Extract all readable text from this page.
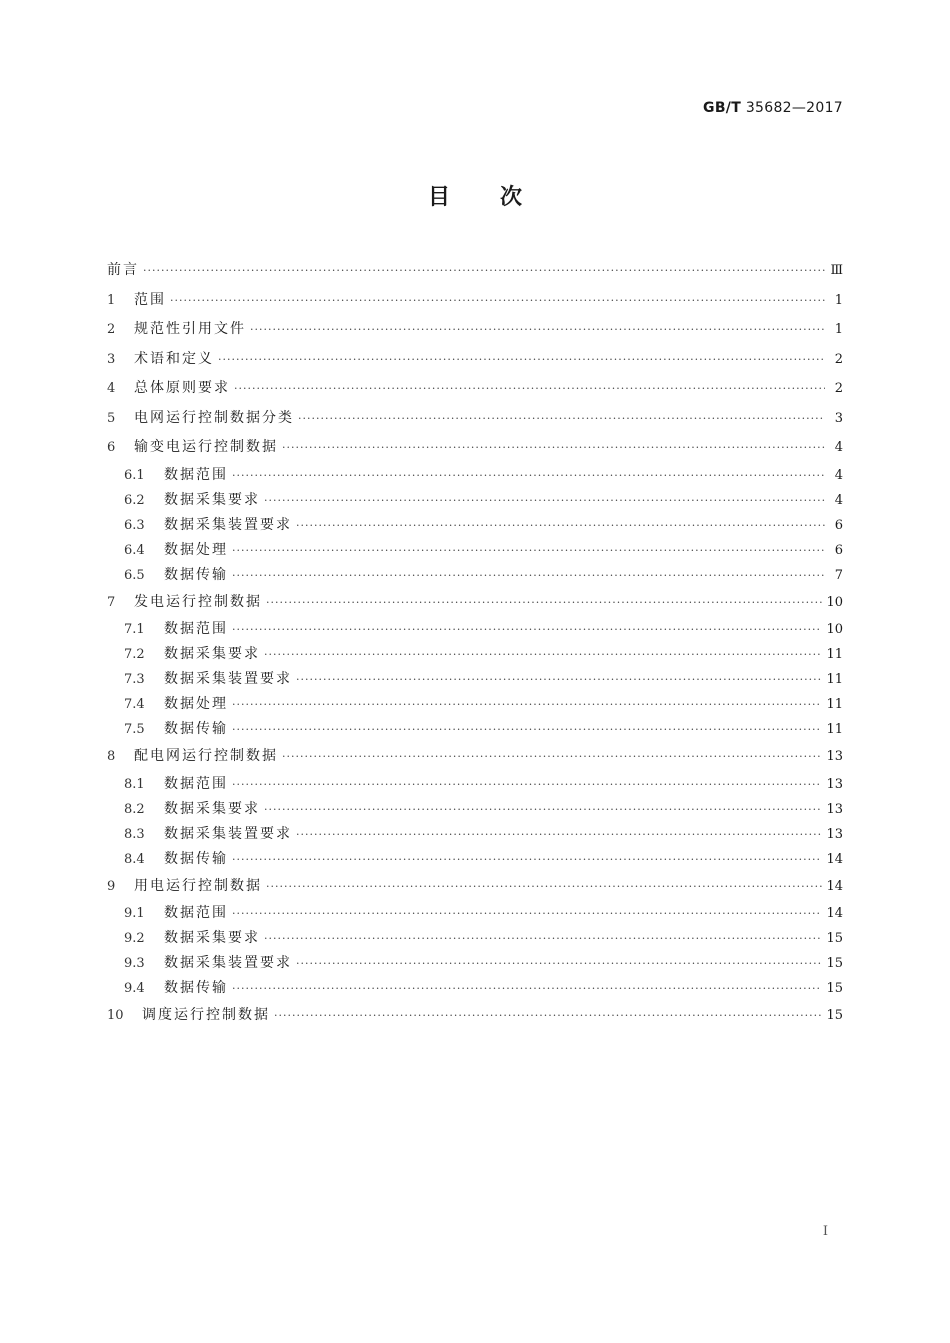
GB/T 35682—2017
目次
前言 ·····	Ⅲ
1	范围 ·····	1
2	规范性引用文件 ·····	1
3	术语和定义 ·····	2
4	总体原则要求 ·····	2
5	电网运行控制数据分类 ·····	3
6	输变电运行控制数据 ·····	4
6.1	数据范围 ·····	4
6.2	数据采集要求 ·····	4
6.3	数据采集装置要求 ·····	6
6.4	数据处理 ·····	6
6.5	数据传输 ·····	7
7	发电运行控制数据 ·····	10
7.1	数据范围 ·····	10
7.2	数据采集要求 ·····	11
7.3	数据采集装置要求 ·····	11
7.4	数据处理 ·····	11
7.5	数据传输 ·····	11
8	配电网运行控制数据 ·····	13
8.1	数据范围 ·····	13
8.2	数据采集要求 ·····	13
8.3	数据采集装置要求 ·····	13
8.4	数据传输 ·····	14
9	用电运行控制数据 ·····	14
9.1	数据范围 ·····	14
9.2	数据采集要求 ·····	15
9.3	数据采集装置要求 ·····	15
9.4	数据传输 ·····	15
10	调度运行控制数据 ·····	15
I
